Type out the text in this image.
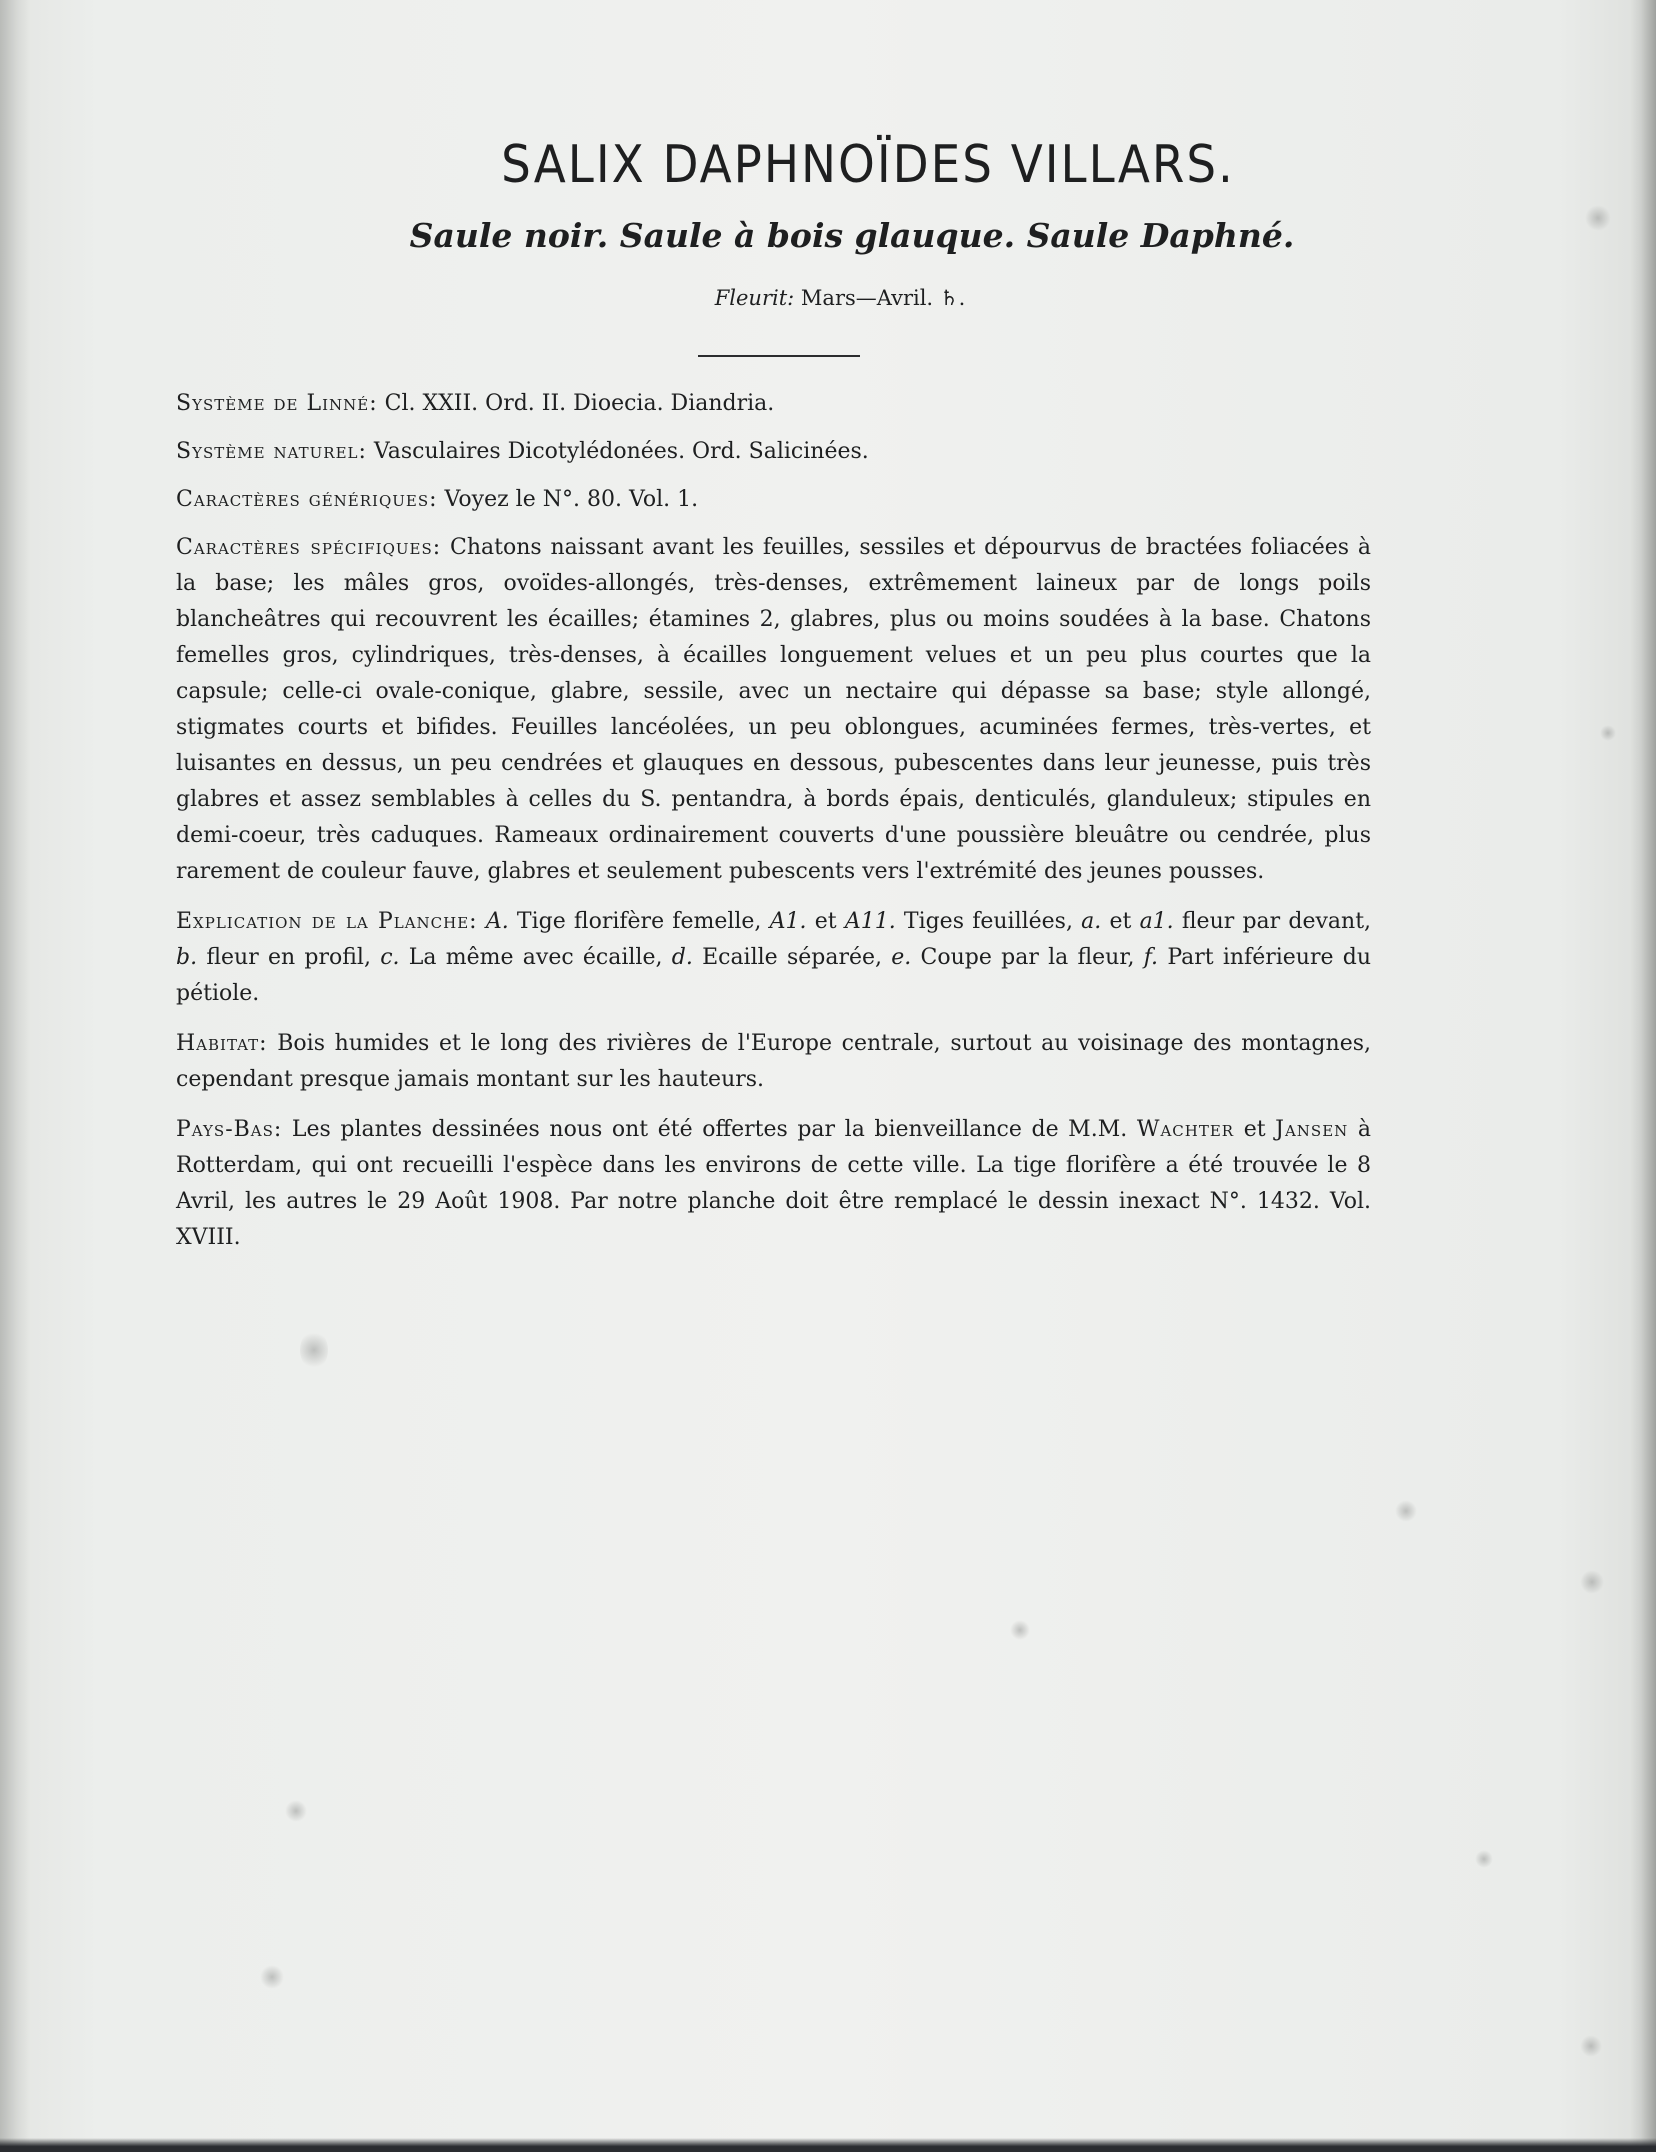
SALIX DAPHNOÏDES VILLARS.
Saule noir. Saule à bois glauque. Saule Daphné.
Fleurit: Mars—Avril. ♄.

Système de Linné: Cl. XXII. Ord. II. Dioecia. Diandria.

Système naturel: Vasculaires Dicotylédonées. Ord. Salicinées.

Caractères génériques: Voyez le N°. 80. Vol. 1.

Caractères spécifiques: Chatons naissant avant les feuilles, sessiles et dépourvus de bractées foliacées à la base; les mâles gros, ovoïdes-allongés, très-denses, extrêmement laineux par de longs poils blancheâtres qui recouvrent les écailles; étamines 2, glabres, plus ou moins soudées à la base. Chatons femelles gros, cylindriques, très-denses, à écailles longuement velues et un peu plus courtes que la capsule; celle-ci ovale-conique, glabre, sessile, avec un nectaire qui dépasse sa base; style allongé, stigmates courts et bifides. Feuilles lancéolées, un peu oblongues, acuminées fermes, très-vertes, et luisantes en dessus, un peu cendrées et glauques en dessous, pubescentes dans leur jeunesse, puis très glabres et assez semblables à celles du S. pentandra, à bords épais, denticulés, glanduleux; stipules en demi-coeur, très caduques. Rameaux ordinairement couverts d'une poussière bleuâtre ou cendrée, plus rarement de couleur fauve, glabres et seulement pubescents vers l'extrémité des jeunes pousses.

Explication de la Planche: A. Tige florifère femelle, A1. et A11. Tiges feuillées, a. et a1. fleur par devant, b. fleur en profil, c. La même avec écaille, d. Ecaille séparée, e. Coupe par la fleur, f. Part inférieure du pétiole.

Habitat: Bois humides et le long des rivières de l'Europe centrale, surtout au voisinage des montagnes, cependant presque jamais montant sur les hauteurs.

Pays-Bas: Les plantes dessinées nous ont été offertes par la bienveillance de M.M. Wachter et Jansen à Rotterdam, qui ont recueilli l'espèce dans les environs de cette ville. La tige florifère a été trouvée le 8 Avril, les autres le 29 Août 1908. Par notre planche doit être remplacé le dessin inexact N°. 1432. Vol. XVIII.
